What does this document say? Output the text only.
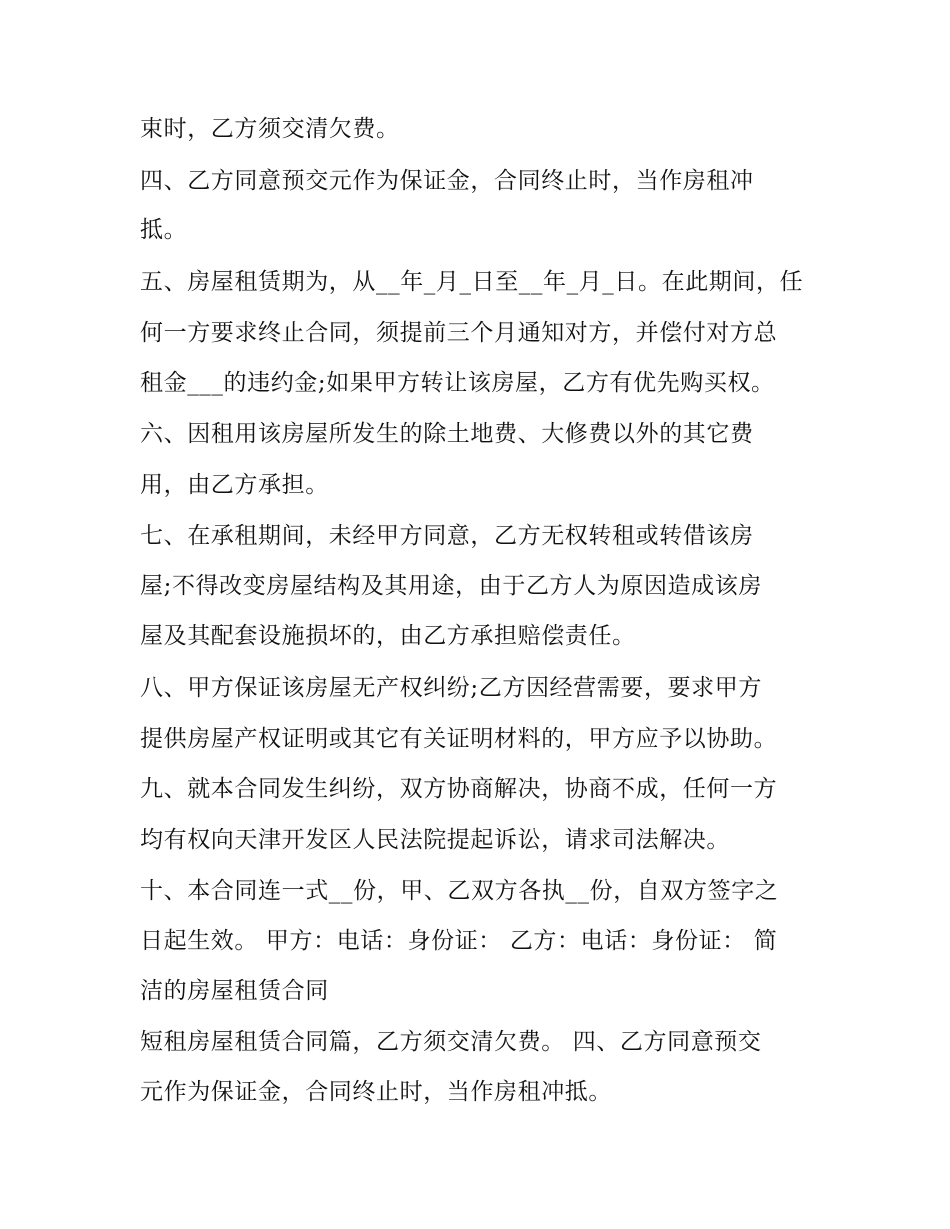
束时，乙方须交清欠费。

四、乙方同意预交元作为保证金，合同终止时，当作房租冲

抵。

五、房屋租赁期为，从__年_月_日至__年_月_日。在此期间，任

何一方要求终止合同，须提前三个月通知对方，并偿付对方总

租金___的违约金;如果甲方转让该房屋，乙方有优先购买权。

六、因租用该房屋所发生的除土地费、大修费以外的其它费

用，由乙方承担。

七、在承租期间，未经甲方同意，乙方无权转租或转借该房

屋;不得改变房屋结构及其用途，由于乙方人为原因造成该房

屋及其配套设施损坏的，由乙方承担赔偿责任。

八、甲方保证该房屋无产权纠纷;乙方因经营需要，要求甲方

提供房屋产权证明或其它有关证明材料的，甲方应予以协助。

九、就本合同发生纠纷，双方协商解决，协商不成，任何一方

均有权向天津开发区人民法院提起诉讼，请求司法解决。

十、本合同连一式__份，甲、乙双方各执__份，自双方签字之

日起生效。 甲方：电话：身份证： 乙方：电话：身份证： 简

洁的房屋租赁合同

短租房屋租赁合同篇，乙方须交清欠费。 四、乙方同意预交

元作为保证金，合同终止时，当作房租冲抵。
